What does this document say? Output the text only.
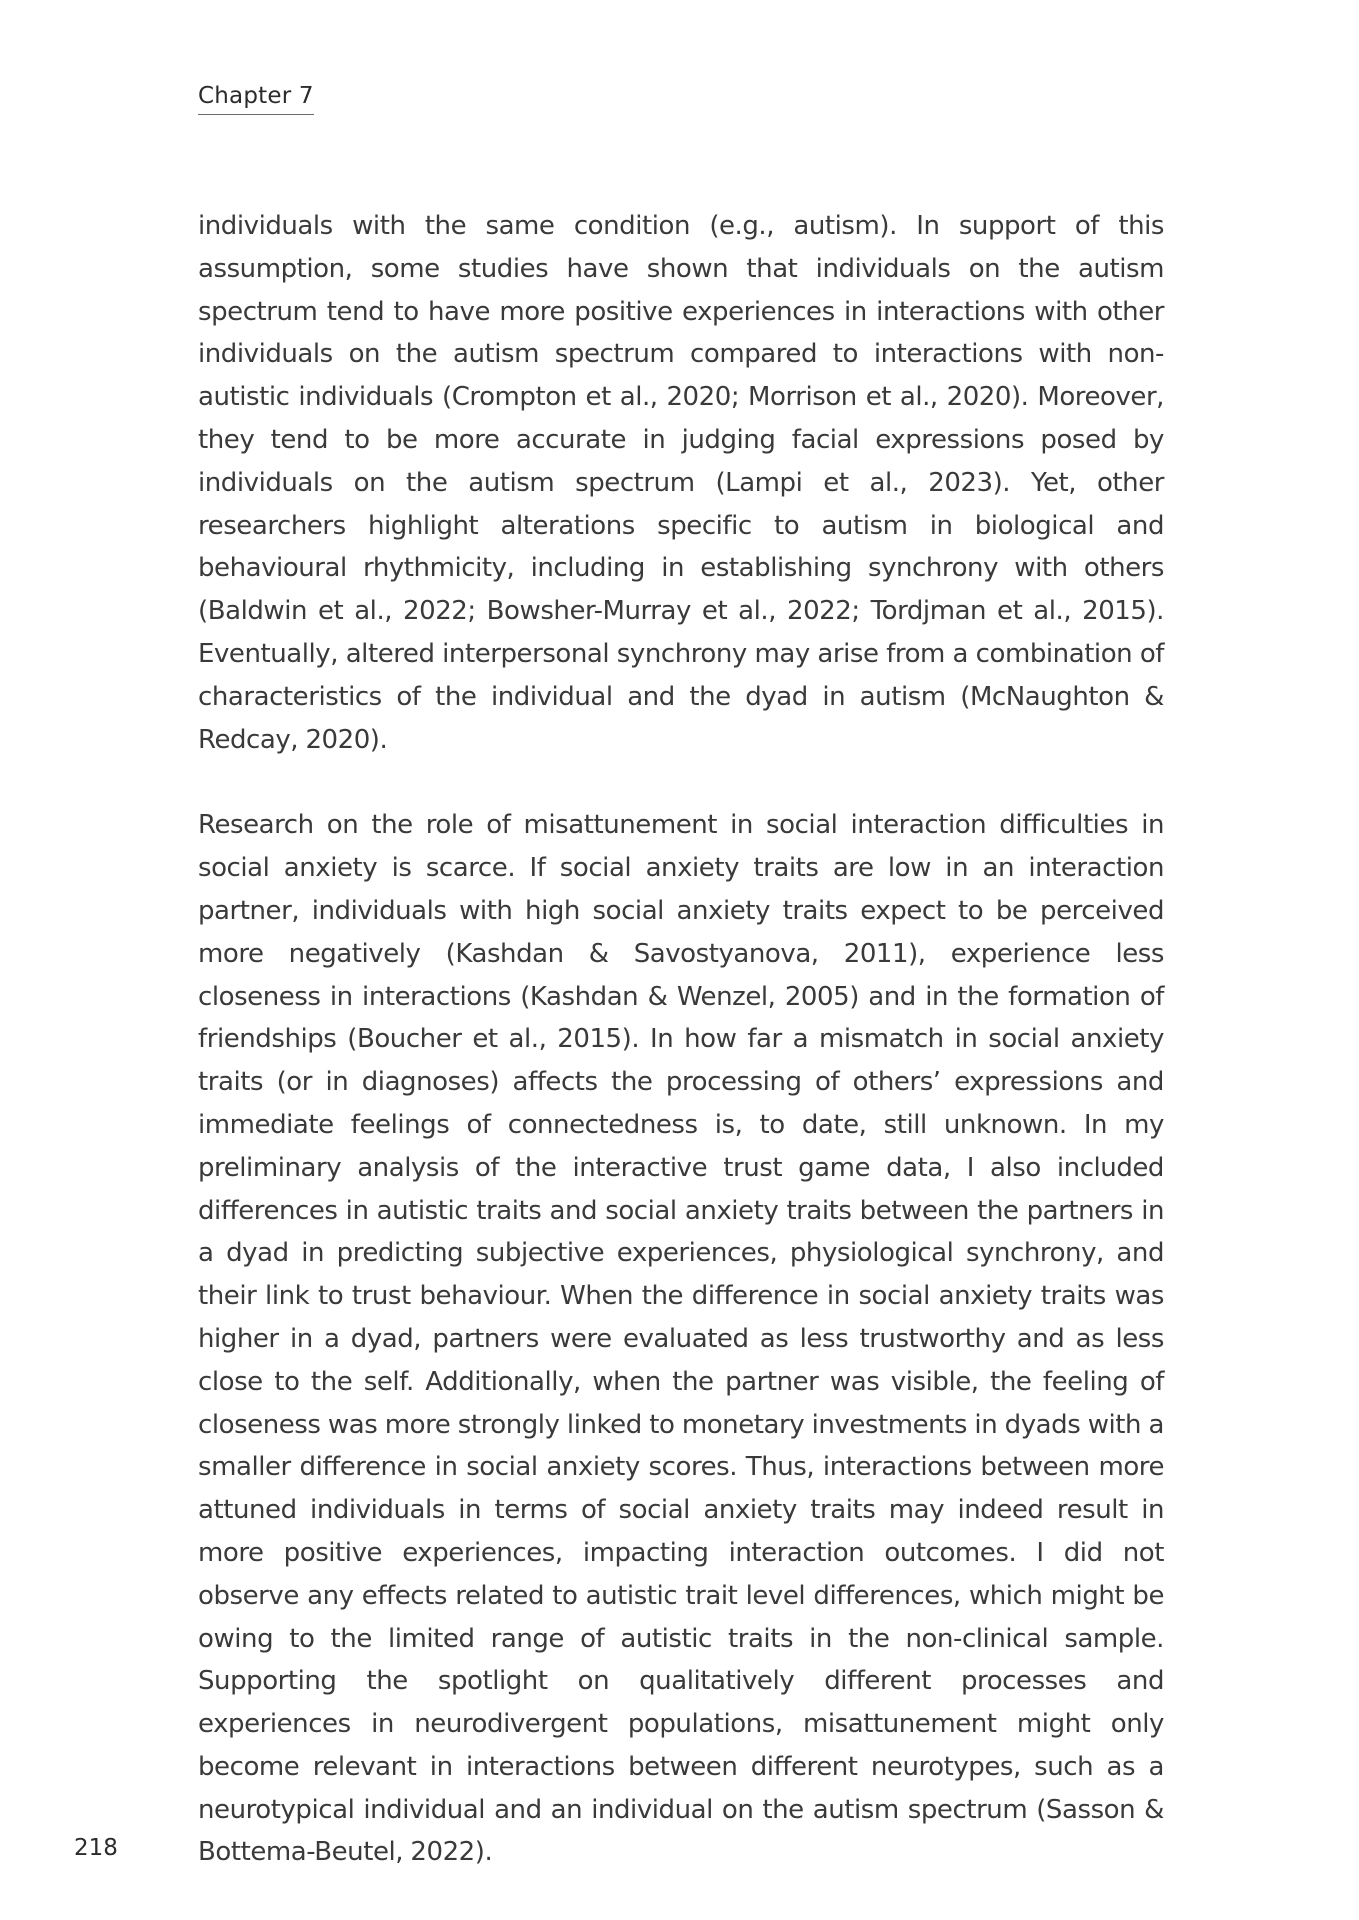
Chapter 7

individuals with the same condition (e.g., autism). In support of this assumption, some studies have shown that individuals on the autism spectrum tend to have more positive experiences in interactions with other individuals on the autism spectrum compared to interactions with non-autistic individuals (Crompton et al., 2020; Morrison et al., 2020). Moreover, they tend to be more accurate in judging facial expressions posed by individuals on the autism spectrum (Lampi et al., 2023). Yet, other researchers highlight alterations specific to autism in biological and behavioural rhythmicity, including in establishing synchrony with others (Baldwin et al., 2022; Bowsher-Murray et al., 2022; Tordjman et al., 2015). Eventually, altered interpersonal synchrony may arise from a combination of characteristics of the individual and the dyad in autism (McNaughton & Redcay, 2020).

Research on the role of misattunement in social interaction difficulties in social anxiety is scarce. If social anxiety traits are low in an interaction partner, individuals with high social anxiety traits expect to be perceived more negatively (Kashdan & Savostyanova, 2011), experience less closeness in interactions (Kashdan & Wenzel, 2005) and in the formation of friendships (Boucher et al., 2015). In how far a mismatch in social anxiety traits (or in diagnoses) affects the processing of others’ expressions and immediate feelings of connectedness is, to date, still unknown. In my preliminary analysis of the interactive trust game data, I also included differences in autistic traits and social anxiety traits between the partners in a dyad in predicting subjective experiences, physiological synchrony, and their link to trust behaviour. When the difference in social anxiety traits was higher in a dyad, partners were evaluated as less trustworthy and as less close to the self. Additionally, when the partner was visible, the feeling of closeness was more strongly linked to monetary investments in dyads with a smaller difference in social anxiety scores. Thus, interactions between more attuned individuals in terms of social anxiety traits may indeed result in more positive experiences, impacting interaction outcomes. I did not observe any effects related to autistic trait level differences, which might be owing to the limited range of autistic traits in the non-clinical sample. Supporting the spotlight on qualitatively different processes and experiences in neurodivergent populations, misattunement might only become relevant in interactions between different neurotypes, such as a neurotypical individual and an individual on the autism spectrum (Sasson & Bottema-Beutel, 2022).

218
